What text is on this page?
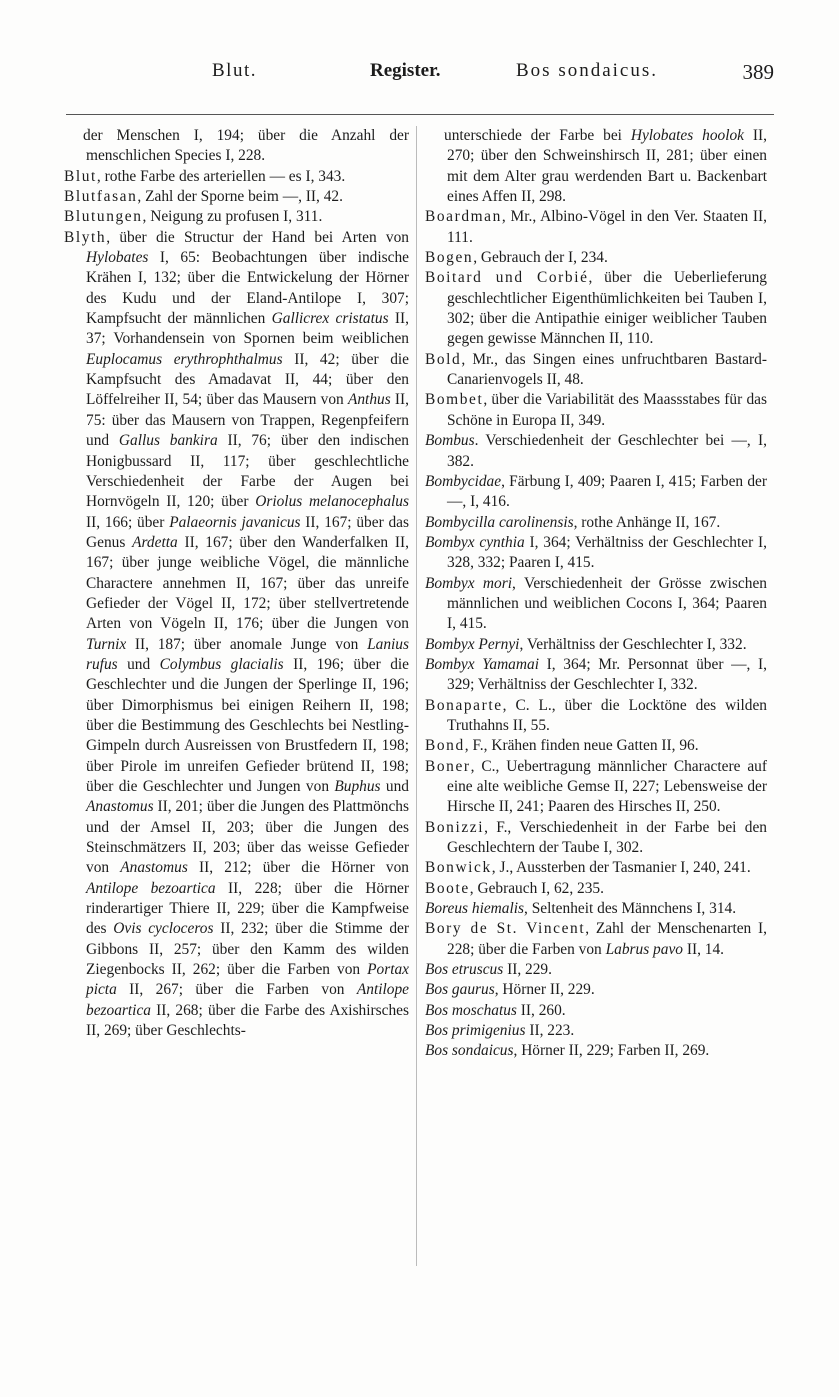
Blut.	Register.	Bos sondaicus.	389

der Menschen I, 194; über die Anzahl der menschlichen Species I, 228.

Blut, rothe Farbe des arteriellen — es I, 343.

Blutfasan, Zahl der Sporne beim —, II, 42.

Blutungen, Neigung zu profusen I, 311.

Blyth, über die Structur der Hand bei Arten von Hylobates I, 65: Beobachtungen über indische Krähen I, 132; über die Entwickelung der Hörner des Kudu und der Eland-Antilope I, 307; Kampfsucht der männlichen Gallicrex cristatus II, 37; Vorhandensein von Spornen beim weiblichen Euplocamus erythrophthalmus II, 42; über die Kampfsucht des Amadavat II, 44; über den Löffelreiher II, 54; über das Mausern von Anthus II, 75: über das Mausern von Trappen, Regenpfeifern und Gallus bankira II, 76; über den indischen Honigbussard II, 117; über geschlechtliche Verschiedenheit der Farbe der Augen bei Hornvögeln II, 120; über Oriolus melanocephalus II, 166; über Palaeornis javanicus II, 167; über das Genus Ardetta II, 167; über den Wanderfalken II, 167; über junge weibliche Vögel, die männliche Charactere annehmen II, 167; über das unreife Gefieder der Vögel II, 172; über stellvertretende Arten von Vögeln II, 176; über die Jungen von Turnix II, 187; über anomale Junge von Lanius rufus und Colymbus glacialis II, 196; über die Geschlechter und die Jungen der Sperlinge II, 196; über Dimorphismus bei einigen Reihern II, 198; über die Bestimmung des Geschlechts bei Nestling-Gimpeln durch Ausreissen von Brustfedern II, 198; über Pirole im unreifen Gefieder brütend II, 198; über die Geschlechter und Jungen von Buphus und Anastomus II, 201; über die Jungen des Plattmönchs und der Amsel II, 203; über die Jungen des Steinschmätzers II, 203; über das weisse Gefieder von Anastomus II, 212; über die Hörner von Antilope bezoartica II, 228; über die Hörner rinderartiger Thiere II, 229; über die Kampfweise des Ovis cycloceros II, 232; über die Stimme der Gibbons II, 257; über den Kamm des wilden Ziegenbocks II, 262; über die Farben von Portax picta II, 267; über die Farben von Antilope bezoartica II, 268; über die Farbe des Axishirsches II, 269; über Geschlechts-

unterschiede der Farbe bei Hylobates hoolok II, 270; über den Schweinshirsch II, 281; über einen mit dem Alter grau werdenden Bart u. Backenbart eines Affen II, 298.

Boardman, Mr., Albino-Vögel in den Ver. Staaten II, 111.

Bogen, Gebrauch der I, 234.

Boitard und Corbié, über die Ueberlieferung geschlechtlicher Eigenthümlichkeiten bei Tauben I, 302; über die Antipathie einiger weiblicher Tauben gegen gewisse Männchen II, 110.

Bold, Mr., das Singen eines unfruchtbaren Bastard-Canarienvogels II, 48.

Bombet, über die Variabilität des Maassstabes für das Schöne in Europa II, 349.

Bombus. Verschiedenheit der Geschlechter bei —, I, 382.

Bombycidae, Färbung I, 409; Paaren I, 415; Farben der —, I, 416.

Bombycilla carolinensis, rothe Anhänge II, 167.

Bombyx cynthia I, 364; Verhältniss der Geschlechter I, 328, 332; Paaren I, 415.

Bombyx mori, Verschiedenheit der Grösse zwischen männlichen und weiblichen Cocons I, 364; Paaren I, 415.

Bombyx Pernyi, Verhältniss der Geschlechter I, 332.

Bombyx Yamamai I, 364; Mr. Personnat über —, I, 329; Verhältniss der Geschlechter I, 332.

Bonaparte, C. L., über die Locktöne des wilden Truthahns II, 55.

Bond, F., Krähen finden neue Gatten II, 96.

Boner, C., Uebertragung männlicher Charactere auf eine alte weibliche Gemse II, 227; Lebensweise der Hirsche II, 241; Paaren des Hirsches II, 250.

Bonizzi, F., Verschiedenheit in der Farbe bei den Geschlechtern der Taube I, 302.

Bonwick, J., Aussterben der Tasmanier I, 240, 241.

Boote, Gebrauch I, 62, 235.

Boreus hiemalis, Seltenheit des Männchens I, 314.

Bory de St. Vincent, Zahl der Menschenarten I, 228; über die Farben von Labrus pavo II, 14.

Bos etruscus II, 229.

Bos gaurus, Hörner II, 229.

Bos moschatus II, 260.

Bos primigenius II, 223.

Bos sondaicus, Hörner II, 229; Farben II, 269.
